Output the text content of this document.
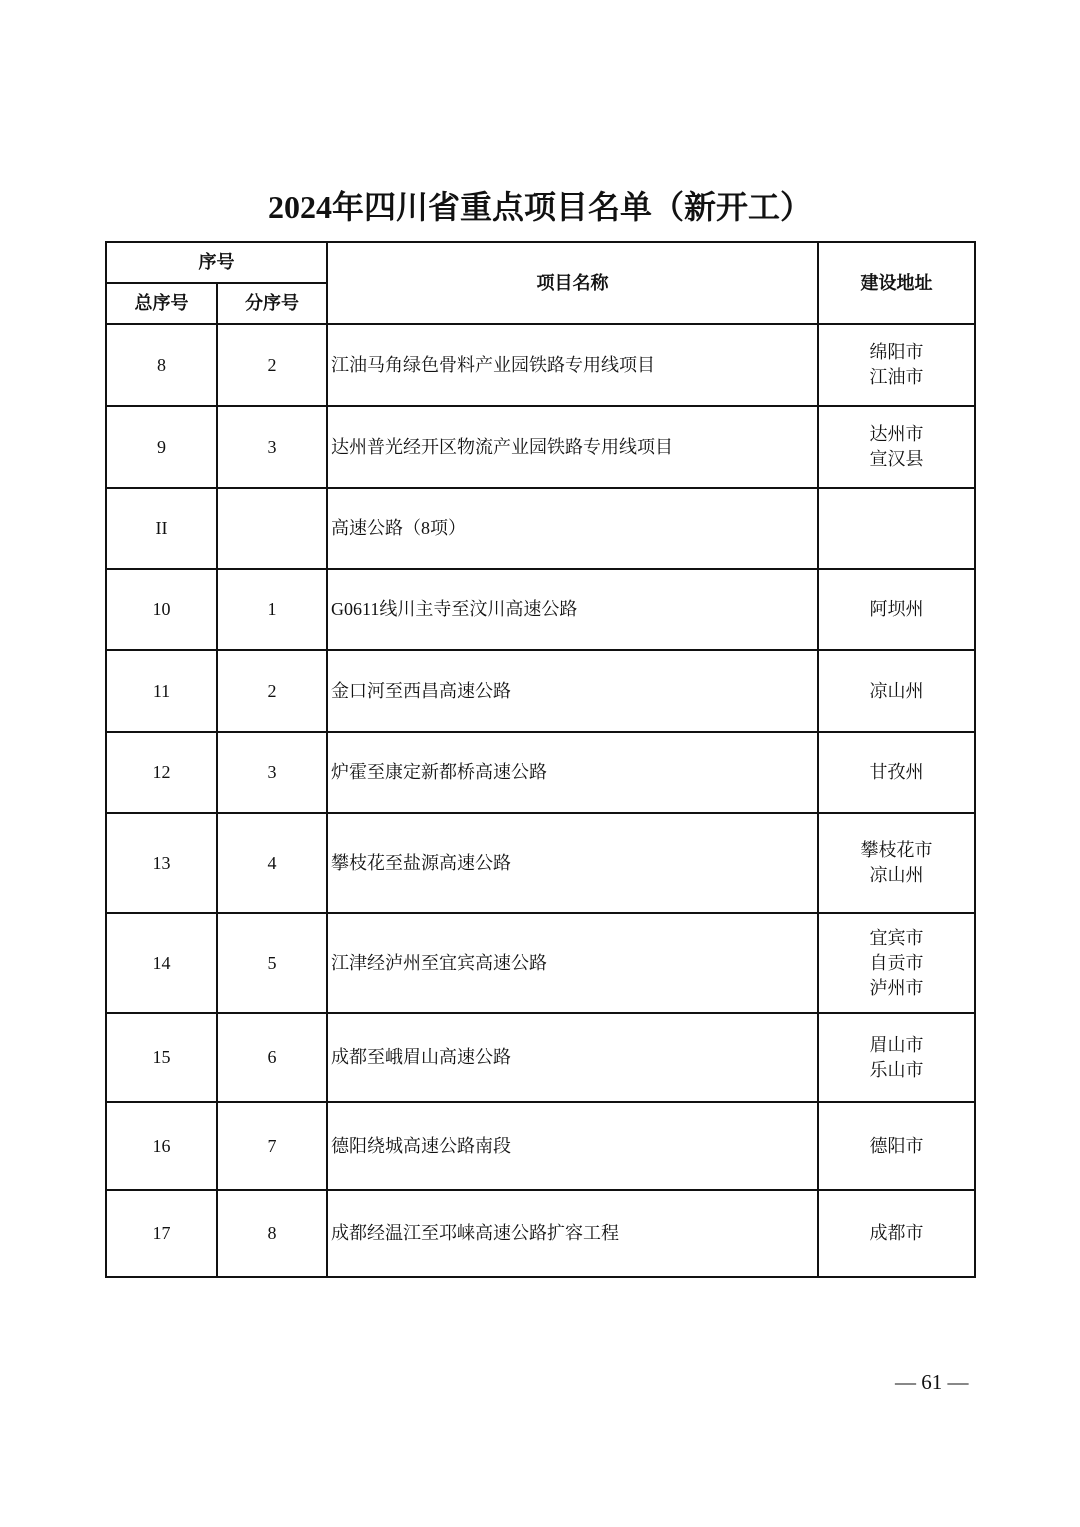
2024年四川省重点项目名单（新开工）
序号		项目名称	建设地址
总序号	分序号		
8	2	江油马角绿色骨料产业园铁路专用线项目	绵阳市
江油市

9	3	达州普光经开区物流产业园铁路专用线项目	达州市
宣汉县

II		高速公路（8项）	
10	1	G0611线川主寺至汶川高速公路	阿坝州

11	2	金口河至西昌高速公路	凉山州

12	3	炉霍至康定新都桥高速公路	甘孜州

13	4	攀枝花至盐源高速公路	攀枝花市
凉山州

14	5	江津经泸州至宜宾高速公路	宜宾市
自贡市
泸州市

15	6	成都至峨眉山高速公路	眉山市
乐山市

16	7	德阳绕城高速公路南段	德阳市

17	8	成都经温江至邛崃高速公路扩容工程	成都市
— 61 —
